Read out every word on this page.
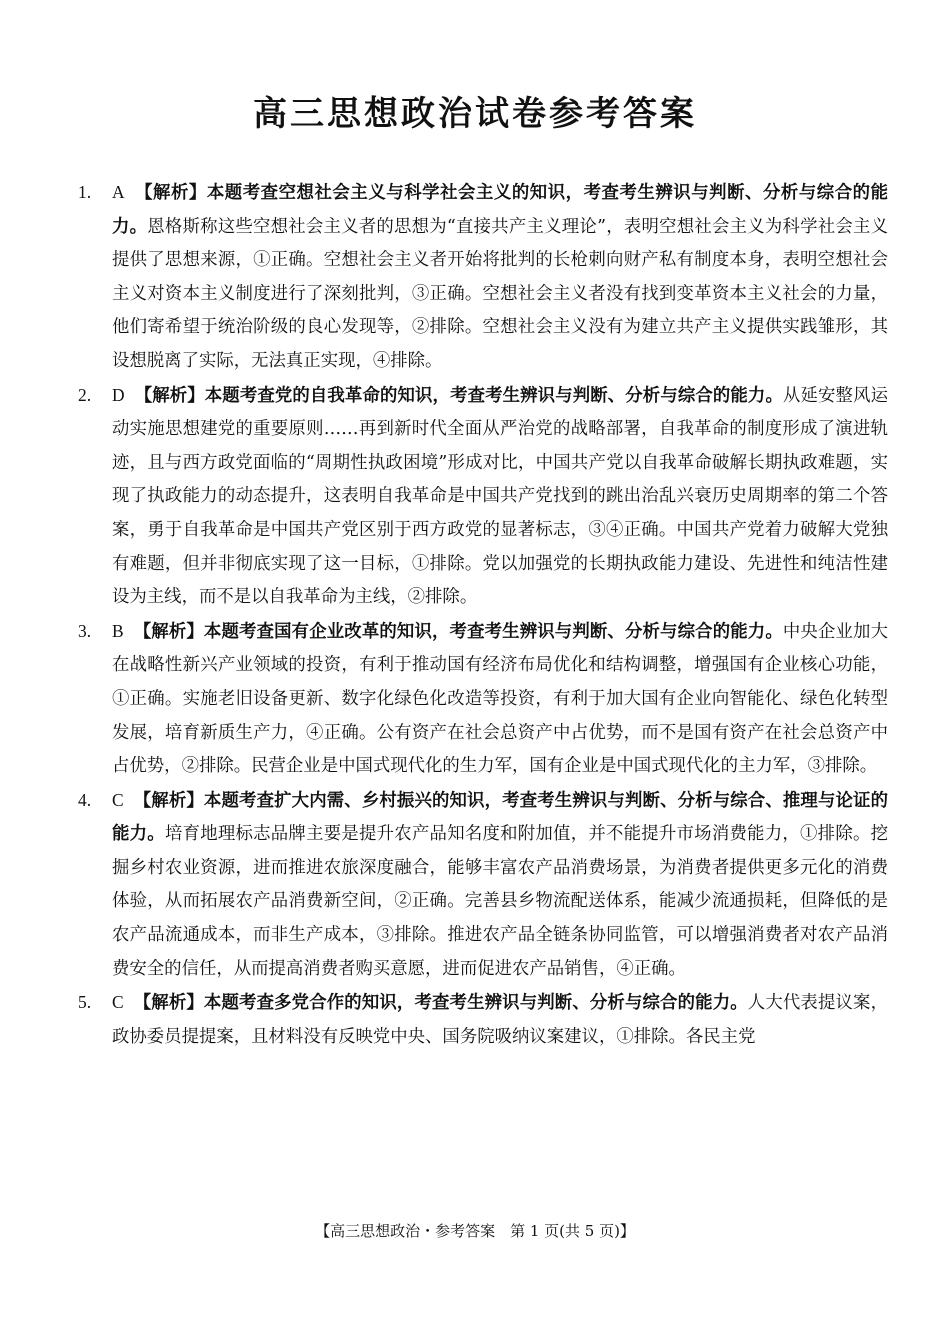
高三思想政治试卷参考答案
1. A 【解析】本题考查空想社会主义与科学社会主义的知识，考查考生辨识与判断、分析与综合的能力。恩格斯称这些空想社会主义者的思想为“直接共产主义理论”，表明空想社会主义为科学社会主义提供了思想来源，①正确。空想社会主义者开始将批判的长枪刺向财产私有制度本身，表明空想社会主义对资本主义制度进行了深刻批判，③正确。空想社会主义者没有找到变革资本主义社会的力量，他们寄希望于统治阶级的良心发现等，②排除。空想社会主义没有为建立共产主义提供实践雏形，其设想脱离了实际，无法真正实现，④排除。
2. D 【解析】本题考查党的自我革命的知识，考查考生辨识与判断、分析与综合的能力。从延安整风运动实施思想建党的重要原则……再到新时代全面从严治党的战略部署，自我革命的制度形成了演进轨迹，且与西方政党面临的“周期性执政困境”形成对比，中国共产党以自我革命破解长期执政难题，实现了执政能力的动态提升，这表明自我革命是中国共产党找到的跳出治乱兴衰历史周期率的第二个答案，勇于自我革命是中国共产党区别于西方政党的显著标志，③④正确。中国共产党着力破解大党独有难题，但并非彻底实现了这一目标，①排除。党以加强党的长期执政能力建设、先进性和纯洁性建设为主线，而不是以自我革命为主线，②排除。
3. B 【解析】本题考查国有企业改革的知识，考查考生辨识与判断、分析与综合的能力。中央企业加大在战略性新兴产业领域的投资，有利于推动国有经济布局优化和结构调整，增强国有企业核心功能，①正确。实施老旧设备更新、数字化绿色化改造等投资，有利于加大国有企业向智能化、绿色化转型发展，培育新质生产力，④正确。公有资产在社会总资产中占优势，而不是国有资产在社会总资产中占优势，②排除。民营企业是中国式现代化的生力军，国有企业是中国式现代化的主力军，③排除。
4. C 【解析】本题考查扩大内需、乡村振兴的知识，考查考生辨识与判断、分析与综合、推理与论证的能力。培育地理标志品牌主要是提升农产品知名度和附加值，并不能提升市场消费能力，①排除。挖掘乡村农业资源，进而推进农旅深度融合，能够丰富农产品消费场景，为消费者提供更多元化的消费体验，从而拓展农产品消费新空间，②正确。完善县乡物流配送体系，能减少流通损耗，但降低的是农产品流通成本，而非生产成本，③排除。推进农产品全链条协同监管，可以增强消费者对农产品消费安全的信任，从而提高消费者购买意愿，进而促进农产品销售，④正确。
5. C 【解析】本题考查多党合作的知识，考查考生辨识与判断、分析与综合的能力。人大代表提议案，政协委员提提案，且材料没有反映党中央、国务院吸纳议案建议，①排除。各民主党
【高三思想政治・参考答案　第 1 页(共 5 页)】
